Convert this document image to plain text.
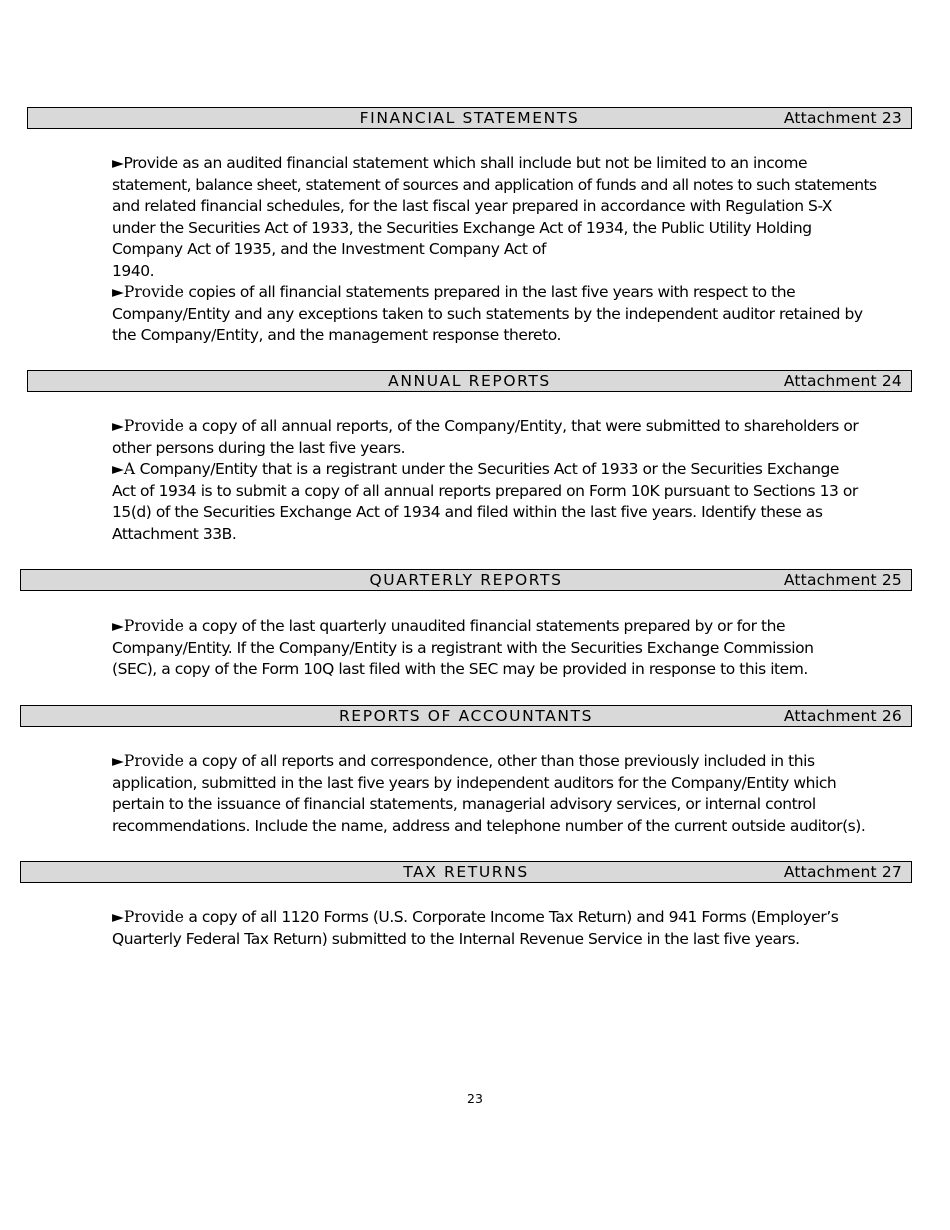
FINANCIAL STATEMENTS	Attachment 23
►Provide as an audited financial statement which shall include but not be limited to an income
statement, balance sheet, statement of sources and application of funds and all notes to such statements
and related financial schedules, for the last fiscal year prepared in accordance with Regulation S-X
under the Securities Act of 1933, the Securities Exchange Act of 1934, the Public Utility Holding
Company Act of 1935, and the Investment Company Act of
1940.
►Provide copies of all financial statements prepared in the last five years with respect to the
Company/Entity and any exceptions taken to such statements by the independent auditor retained by
the Company/Entity, and the management response thereto.
ANNUAL REPORTS	Attachment 24
►Provide a copy of all annual reports, of the Company/Entity, that were submitted to shareholders or
other persons during the last five years.
►A Company/Entity that is a registrant under the Securities Act of 1933 or the Securities Exchange
Act of 1934 is to submit a copy of all annual reports prepared on Form 10K pursuant to Sections 13 or
15(d) of the Securities Exchange Act of 1934 and filed within the last five years. Identify these as
Attachment 33B.
QUARTERLY REPORTS	Attachment 25
►Provide a copy of the last quarterly unaudited financial statements prepared by or for the
Company/Entity. If the Company/Entity is a registrant with the Securities Exchange Commission
(SEC), a copy of the Form 10Q last filed with the SEC may be provided in response to this item.
REPORTS OF ACCOUNTANTS	Attachment 26
►Provide a copy of all reports and correspondence, other than those previously included in this
application, submitted in the last five years by independent auditors for the Company/Entity which
pertain to the issuance of financial statements, managerial advisory services, or internal control
recommendations. Include the name, address and telephone number of the current outside auditor(s).
TAX RETURNS	Attachment 27
►Provide a copy of all 1120 Forms (U.S. Corporate Income Tax Return) and 941 Forms (Employer’s
Quarterly Federal Tax Return) submitted to the Internal Revenue Service in the last five years.
23
